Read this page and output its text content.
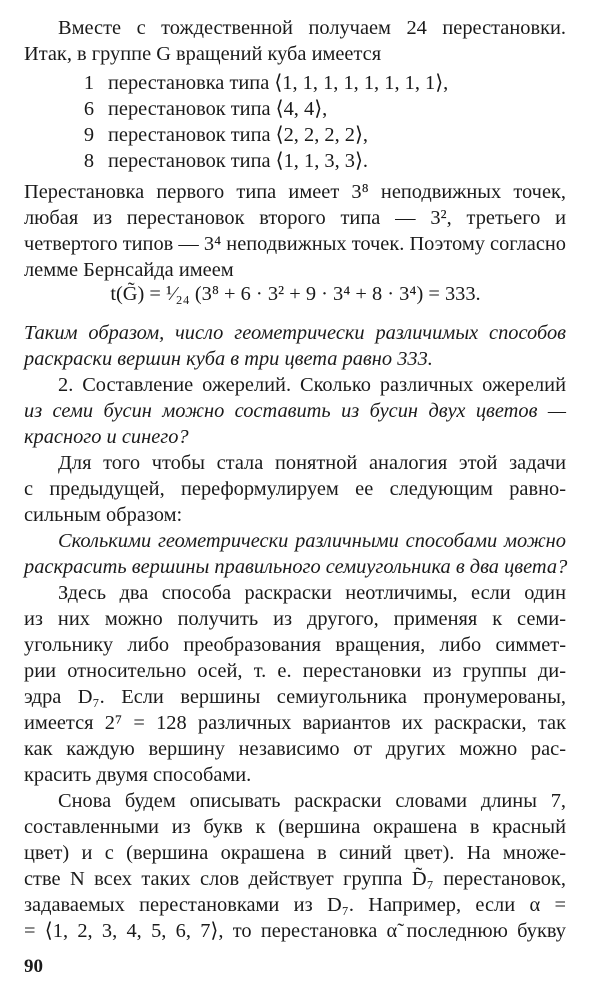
Вместе с тождественной получаем 24 перестановки.
Итак, в группе G вращений куба имеется
1 перестановка типа ⟨1, 1, 1, 1, 1, 1, 1, 1⟩,
6 перестановок типа ⟨4, 4⟩,
9 перестановок типа ⟨2, 2, 2, 2⟩,
8 перестановок типа ⟨1, 1, 3, 3⟩.
Перестановка первого типа имеет 3⁸ неподвижных точек,
любая из перестановок второго типа — 3², третьего и
четвертого типов — 3⁴ неподвижных точек. Поэтому согласно
лемме Бернсайда имеем
t(G̃) = ¹⁄₂₄ (3⁸ + 6 · 3² + 9 · 3⁴ + 8 · 3⁴) = 333.
Таким образом, число геометрически различимых способов
раскраски вершин куба в три цвета равно 333.
2. Составление ожерелий. Сколько различных ожерелий
из семи бусин можно составить из бусин двух цветов —
красного и синего?
Для того чтобы стала понятной аналогия этой задачи
с предыдущей, переформулируем ее следующим равно-
сильным образом:
Сколькими геометрически различными способами можно
раскрасить вершины правильного семиугольника в два цвета?
Здесь два способа раскраски неотличимы, если один
из них можно получить из другого, применяя к семи-
угольнику либо преобразования вращения, либо симмет-
рии относительно осей, т. е. перестановки из группы ди-
эдра D₇. Если вершины семиугольника пронумерованы,
имеется 2⁷ = 128 различных вариантов их раскраски, так
как каждую вершину независимо от других можно рас-
красить двумя способами.
Снова будем описывать раскраски словами длины 7,
составленными из букв к (вершина окрашена в красный
цвет) и с (вершина окрашена в синий цвет). На множе-
стве N всех таких слов действует группа D̃₇ перестановок,
задаваемых перестановками из D₇. Например, если α =
= ⟨1, 2, 3, 4, 5, 6, 7⟩, то перестановка α̃ последнюю букву
90
